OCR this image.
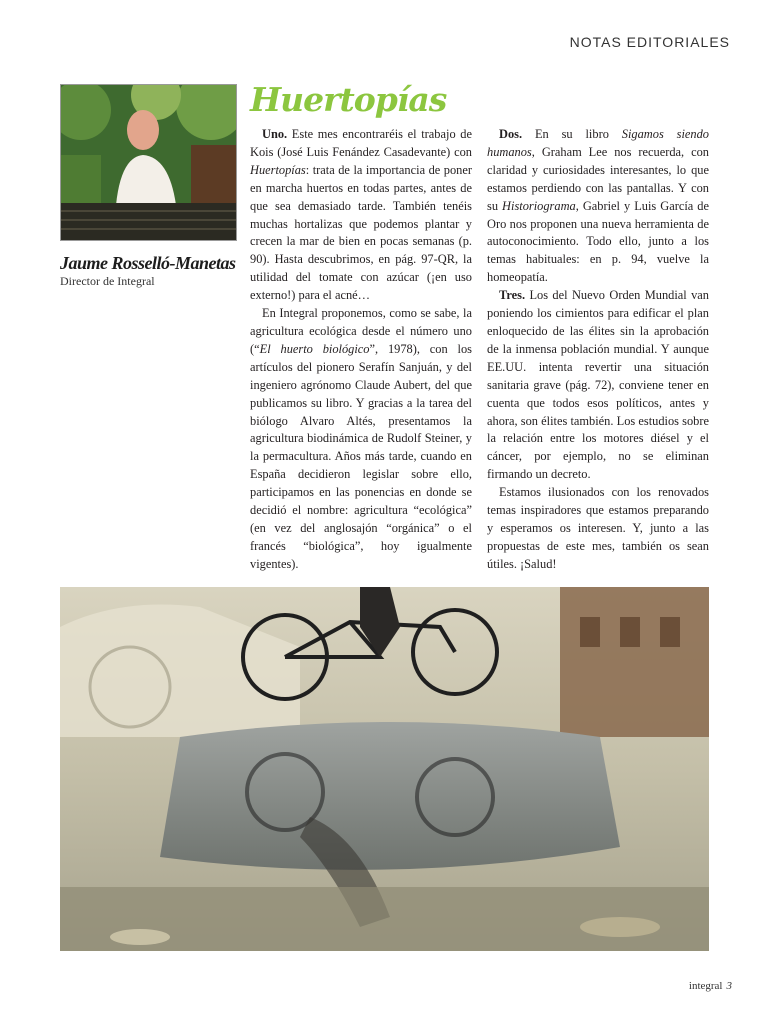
NOTAS EDITORIALES
Jaume Rosselló-Manetas
Director de Integral
Huertopías

Uno. Este mes encontraréis el trabajo de Kois (José Luis Fenández Casadevante) con Huertopías: trata de la importancia de poner en marcha huertos en todas partes, antes de que sea demasiado tarde. También tenéis muchas hortalizas que podemos plantar y crecen la mar de bien en pocas semanas (p. 90). Hasta descubrimos, en pág. 97-QR, la utilidad del tomate con azúcar (¡en uso externo!) para el acné…

En Integral proponemos, como se sabe, la agricultura ecológica desde el número uno (“El huerto biológico”, 1978), con los artículos del pionero Serafín Sanjuán, y del ingeniero agrónomo Claude Aubert, del que publicamos su libro. Y gracias a la tarea del biólogo Alvaro Altés, presentamos la agricultura biodinámica de Rudolf Steiner, y la permacultura. Años más tarde, cuando en España decidieron legislar sobre ello, participamos en las ponencias en donde se decidió el nombre: agricultura “ecológica” (en vez del anglosajón “orgánica” o el francés “biológica”, hoy igualmente vigentes).

Dos. En su libro Sigamos siendo humanos, Graham Lee nos recuerda, con claridad y curiosidades interesantes, lo que estamos perdiendo con las pantallas. Y con su Historiograma, Gabriel y Luis García de Oro nos proponen una nueva herramienta de autoconocimiento. Todo ello, junto a los temas habituales: en p. 94, vuelve la homeopatía.

Tres. Los del Nuevo Orden Mundial van poniendo los cimientos para edificar el plan enloquecido de las élites sin la aprobación de la inmensa población mundial. Y aunque EE.UU. intenta revertir una situación sanitaria grave (pág. 72), conviene tener en cuenta que todos esos políticos, antes y ahora, son élites también. Los estudios sobre la relación entre los motores diésel y el cáncer, por ejemplo, no se eliminan firmando un decreto.

Estamos ilusionados con los renovados temas inspiradores que estamos preparando y esperamos os interesen. Y, junto a las propuestas de este mes, también os sean útiles. ¡Salud!

integral 3
